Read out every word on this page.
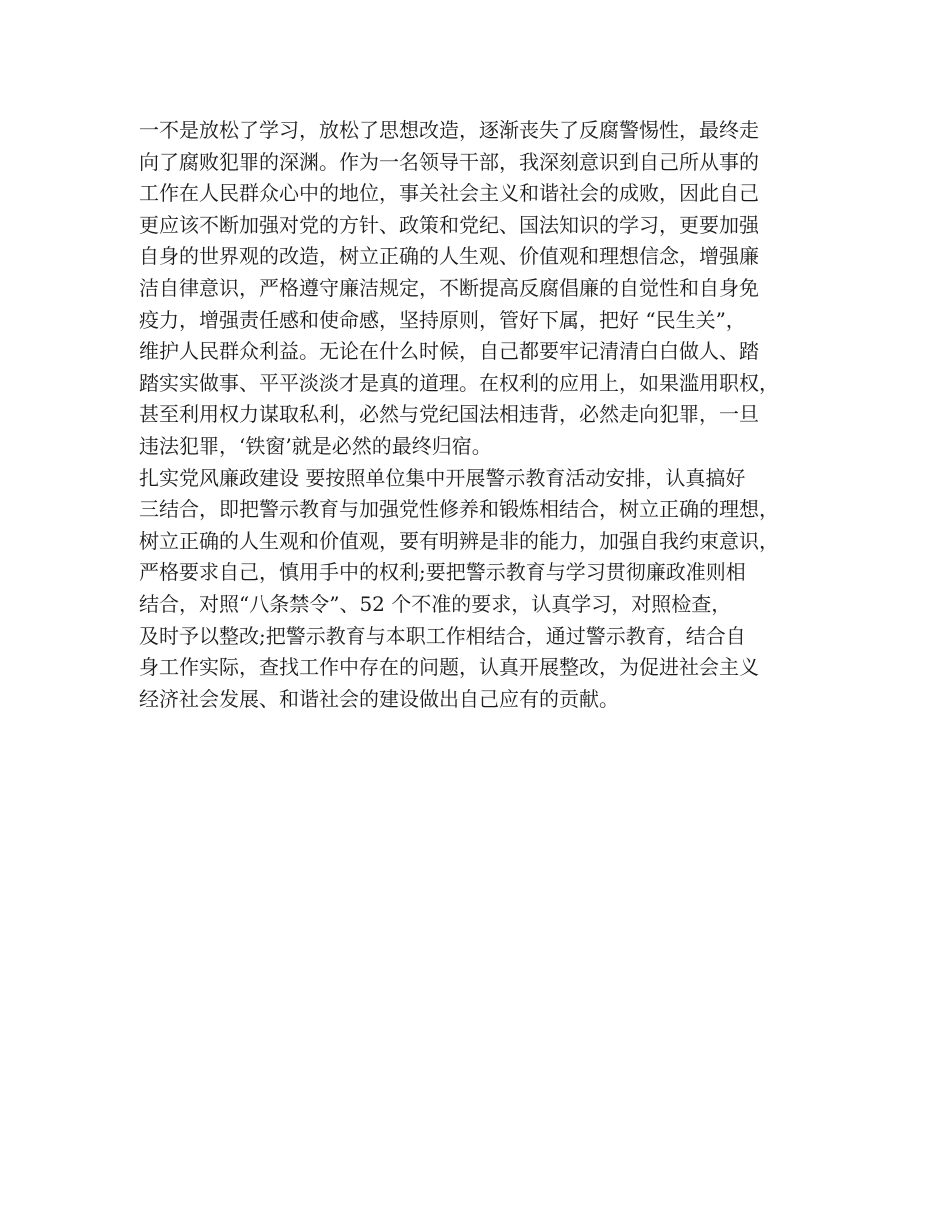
一不是放松了学习，放松了思想改造，逐渐丧失了反腐警惕性，最终走
向了腐败犯罪的深渊。作为一名领导干部，我深刻意识到自己所从事的
工作在人民群众心中的地位，事关社会主义和谐社会的成败，因此自己
更应该不断加强对党的方针、政策和党纪、国法知识的学习，更要加强
自身的世界观的改造，树立正确的人生观、价值观和理想信念，增强廉
洁自律意识，严格遵守廉洁规定，不断提高反腐倡廉的自觉性和自身免
疫力，增强责任感和使命感，坚持原则，管好下属，把好 “民生关”，
维护人民群众利益。无论在什么时候，自己都要牢记清清白白做人、踏
踏实实做事、平平淡淡才是真的道理。在权利的应用上，如果滥用职权，
甚至利用权力谋取私利，必然与党纪国法相违背，必然走向犯罪，一旦
违法犯罪，‘铁窗’就是必然的最终归宿。
扎实党风廉政建设 要按照单位集中开展警示教育活动安排，认真搞好
三结合，即把警示教育与加强党性修养和锻炼相结合，树立正确的理想，
树立正确的人生观和价值观，要有明辨是非的能力，加强自我约束意识，
严格要求自己，慎用手中的权利;要把警示教育与学习贯彻廉政准则相
结合，对照“八条禁令”、52 个不准的要求，认真学习，对照检查，
及时予以整改;把警示教育与本职工作相结合，通过警示教育，结合自
身工作实际，查找工作中存在的问题，认真开展整改，为促进社会主义
经济社会发展、和谐社会的建设做出自己应有的贡献。
